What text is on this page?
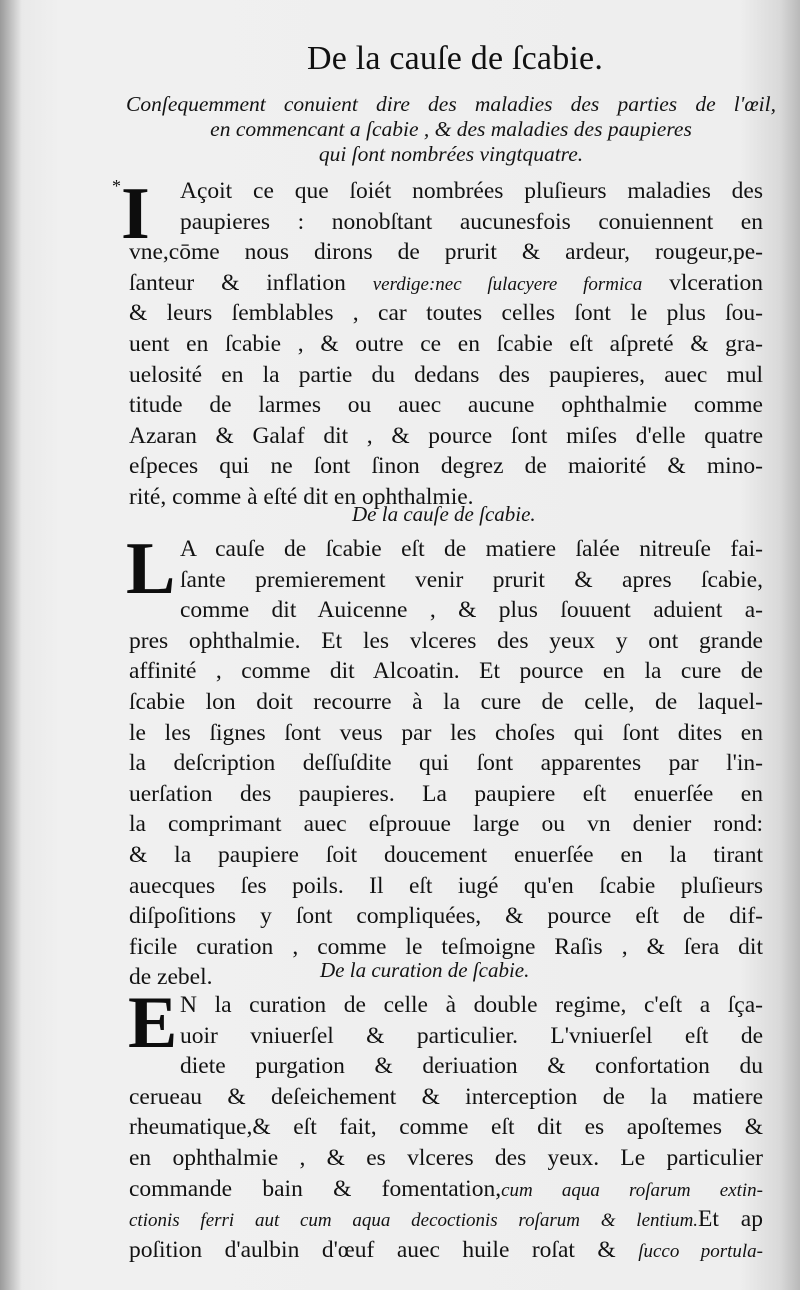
De la cauſe de ſcabie.
Conſequemment conuient dire des maladies des parties de l'œil,
en commencant a ſcabie , & des maladies des paupieres
qui ſont nombrées vingtquatre.
* I	Açoit ce que ſoiét nombrées pluſieurs maladies des
paupieres : nonobſtant aucunesfois conuiennent en
vne,cōme nous dirons de prurit & ardeur, rougeur,pe-
ſanteur & inflation verdige:nec ſulacyere formica vlceration
& leurs ſemblables , car toutes celles ſont le plus ſou-
uent en ſcabie , & outre ce en ſcabie eſt aſpreté & gra-
uelosité en la partie du dedans des paupieres, auec mul
titude de larmes ou auec aucune ophthalmie comme
Azaran & Galaf dit , & pource ſont miſes d'elle quatre
eſpeces qui ne ſont ſinon degrez de maiorité & mino-
rité, comme à eſté dit en ophthalmie.
De la cauſe de ſcabie.
L A cauſe de ſcabie eſt de matiere ſalée nitreuſe fai-
ſante premierement venir prurit & apres ſcabie,
comme dit Auicenne , & plus ſouuent aduient a-
pres ophthalmie. Et les vlceres des yeux y ont grande
affinité , comme dit Alcoatin. Et pource en la cure de
ſcabie lon doit recourre à la cure de celle, de laquel-
le les ſignes ſont veus par les choſes qui ſont dites en
la deſcription deſſuſdite qui ſont apparentes par l'in-
uerſation des paupieres. La paupiere eſt enuerſée en
la comprimant auec eſprouue large ou vn denier rond:
& la paupiere ſoit doucement enuerſée en la tirant
auecques ſes poils. Il eſt iugé qu'en ſcabie pluſieurs
diſpoſitions y ſont compliquées, & pource eſt de dif-
ficile curation , comme le teſmoigne Raſis , & ſera dit
de zebel.	De la curation de ſcabie.
E N la curation de celle à double regime, c'eſt a ſça-
uoir vniuerſel & particulier. L'vniuerſel eſt de
diete purgation & deriuation & confortation du
cerueau & deſeichement & interception de la matiere
rheumatique,& eſt fait, comme eſt dit es apoſtemes &
en ophthalmie , & es vlceres des yeux. Le particulier
commande bain & fomentation,cum aqua roſarum extin-
ctionis ferri aut cum aqua decoctionis roſarum & lentium.Et ap
poſition d'aulbin d'œuf auec huile roſat & ſucco portula-
